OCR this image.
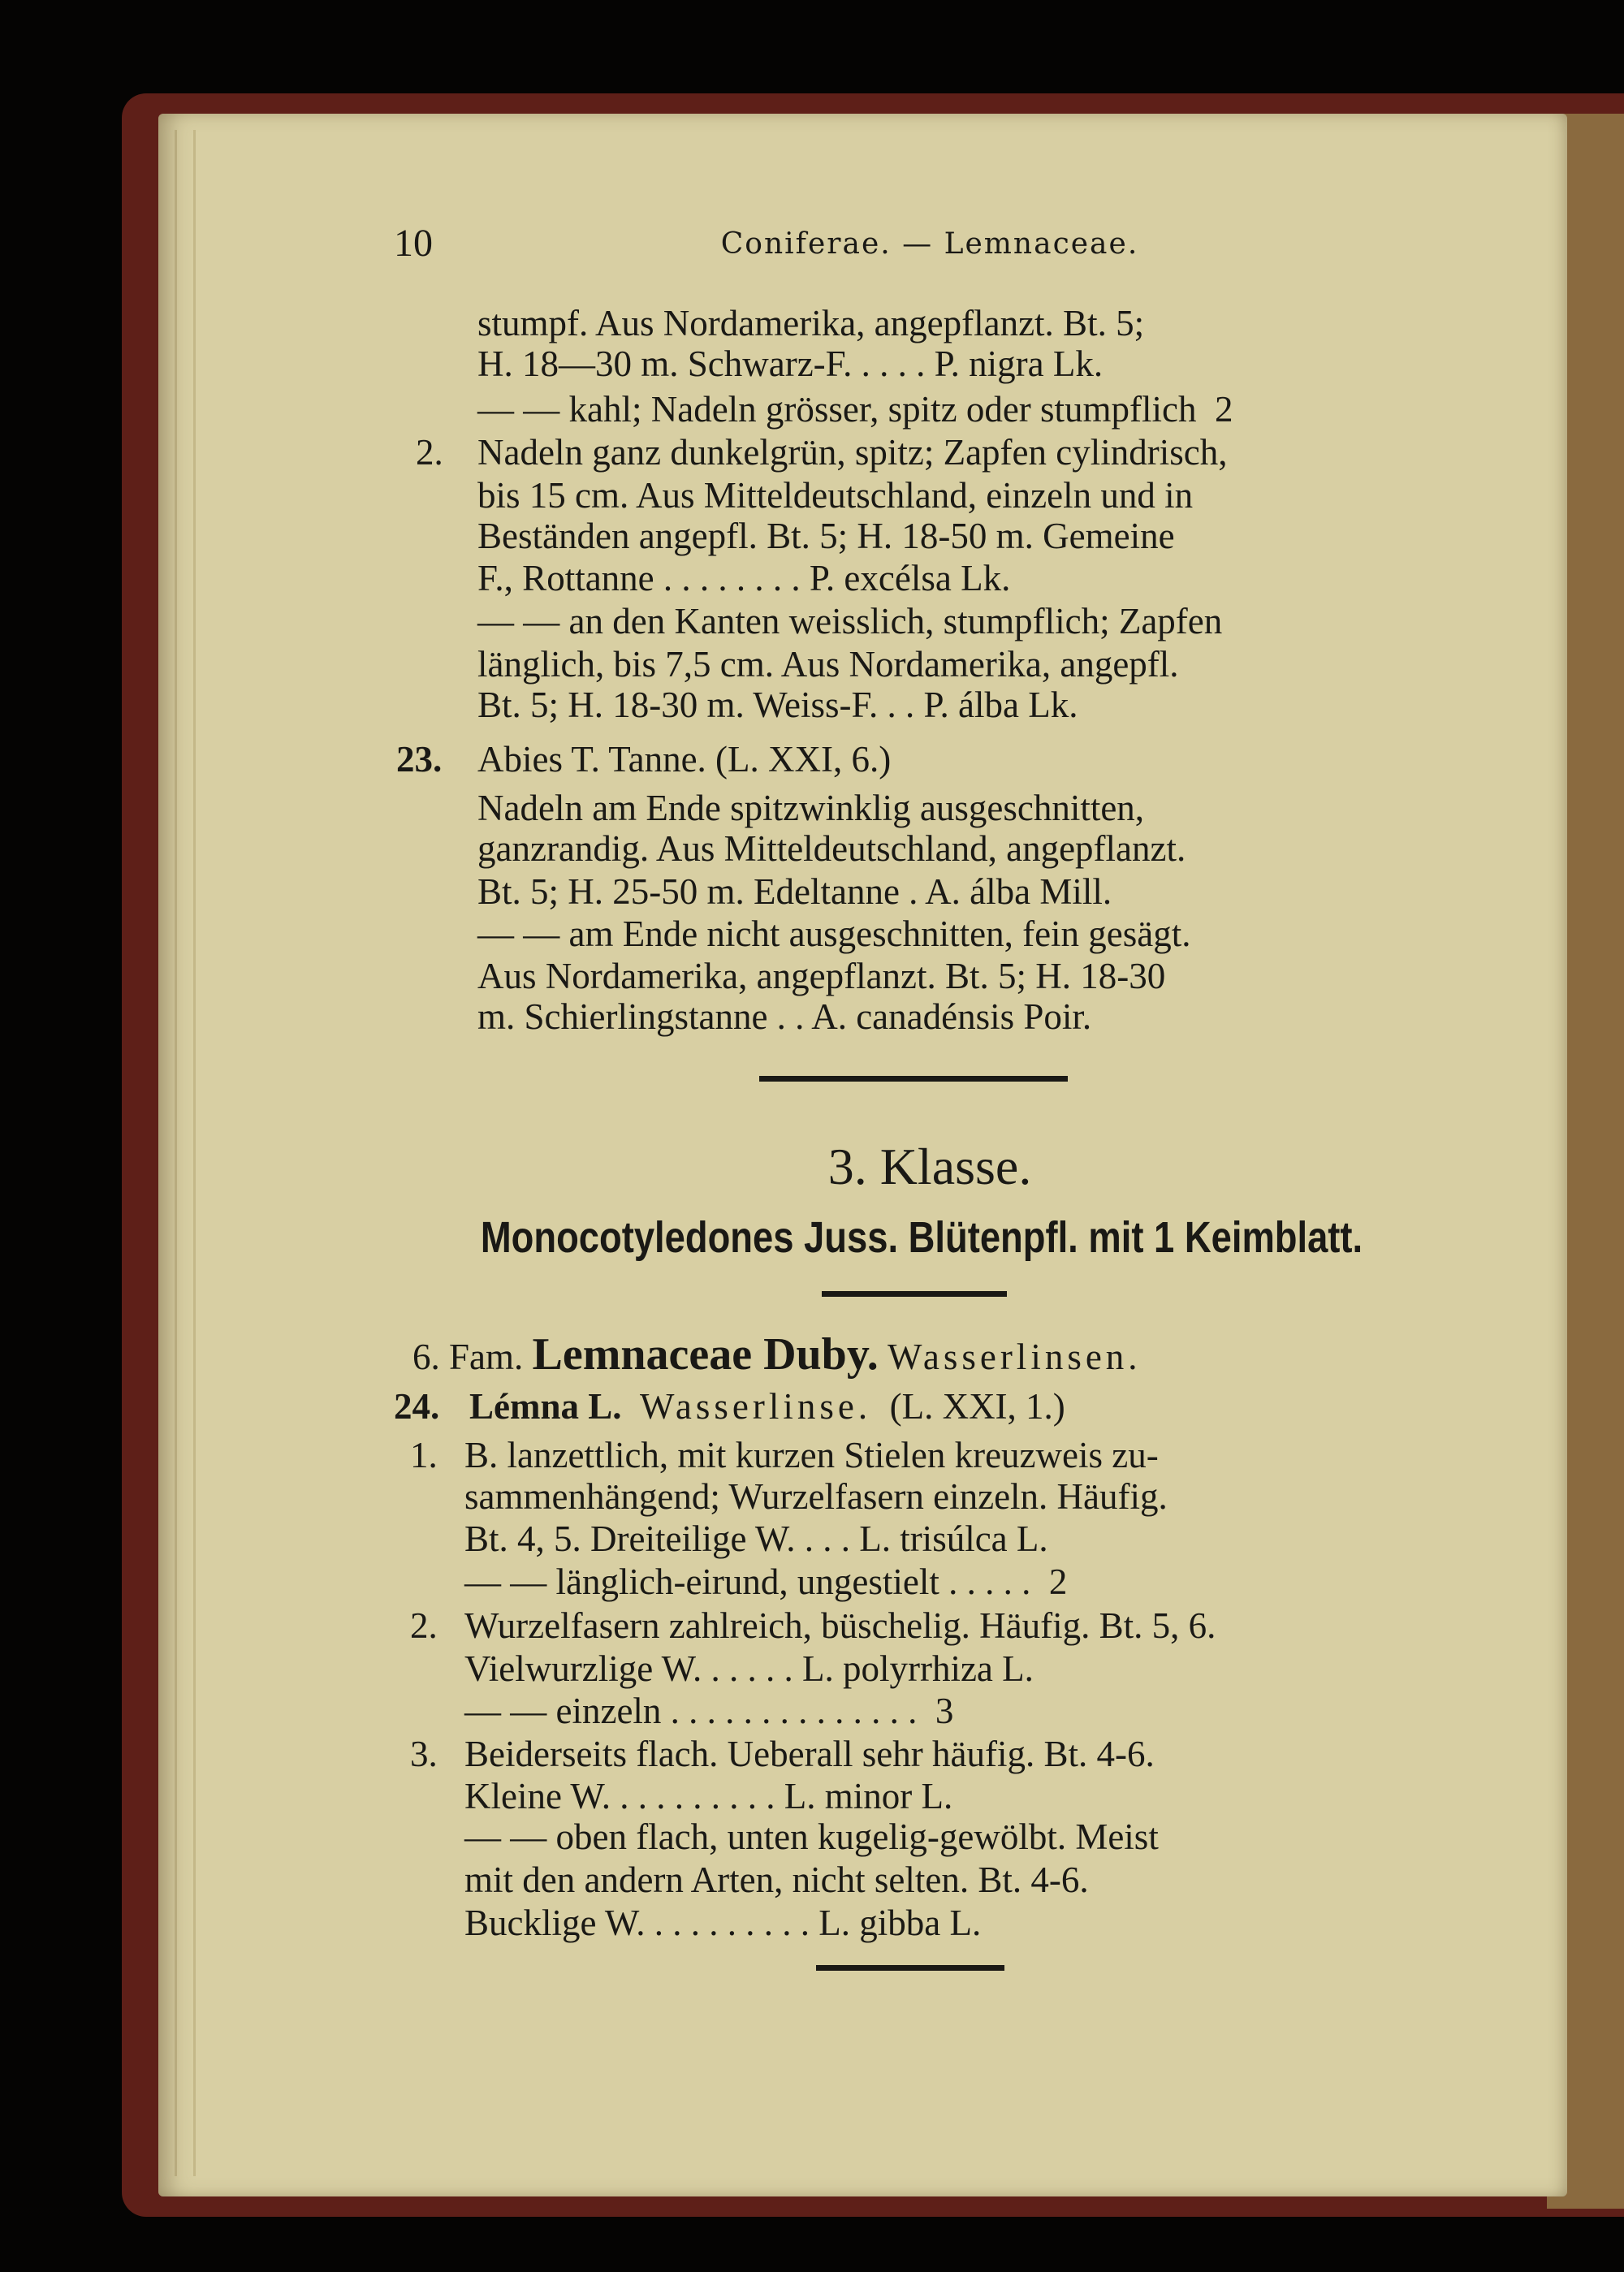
10	Coniferae. — Lemnaceae.
stumpf. Aus Nordamerika, angepflanzt. Bt. 5;
H. 18—30 m. Schwarz-F. . . . . P. nigra Lk.
— — kahl; Nadeln grösser, spitz oder stumpflich  2
2. Nadeln ganz dunkelgrün, spitz; Zapfen cylindrisch,
bis 15 cm. Aus Mitteldeutschland, einzeln und in
Beständen angepfl. Bt. 5; H. 18-50 m. Gemeine
F., Rottanne . . . . . . . . P. excélsa Lk.
— — an den Kanten weisslich, stumpflich; Zapfen
länglich, bis 7,5 cm. Aus Nordamerika, angepfl.
Bt. 5; H. 18-30 m. Weiss-F. . . P. álba Lk.
23. Abies T. Tanne. (L. XXI, 6.)
Nadeln am Ende spitzwinklig ausgeschnitten,
ganzrandig. Aus Mitteldeutschland, angepflanzt.
Bt. 5; H. 25-50 m. Edeltanne . A. álba Mill.
— — am Ende nicht ausgeschnitten, fein gesägt.
Aus Nordamerika, angepflanzt. Bt. 5; H. 18-30
m. Schierlingstanne . . A. canadénsis Poir.
3. Klasse.
Monocotyledones Juss. Blütenpfl. mit 1 Keimblatt.
6. Fam. Lemnaceae Duby. Wasserlinsen.
24. Lémna L. Wasserlinse. (L. XXI, 1.)
1. B. lanzettlich, mit kurzen Stielen kreuzweis zu-
sammenhängend; Wurzelfasern einzeln. Häufig.
Bt. 4, 5. Dreiteilige W. . . . L. trisúlca L.
— — länglich-eirund, ungestielt . . . . .  2
2. Wurzelfasern zahlreich, büschelig. Häufig. Bt. 5, 6.
Vielwurzlige W. . . . . . L. polyrrhiza L.
— — einzeln . . . . . . . . . . . . . .  3
3. Beiderseits flach. Ueberall sehr häufig. Bt. 4-6.
Kleine W. . . . . . . . . . L. minor L.
— — oben flach, unten kugelig-gewölbt. Meist
mit den andern Arten, nicht selten. Bt. 4-6.
Bucklige W. . . . . . . . . . L. gibba L.
